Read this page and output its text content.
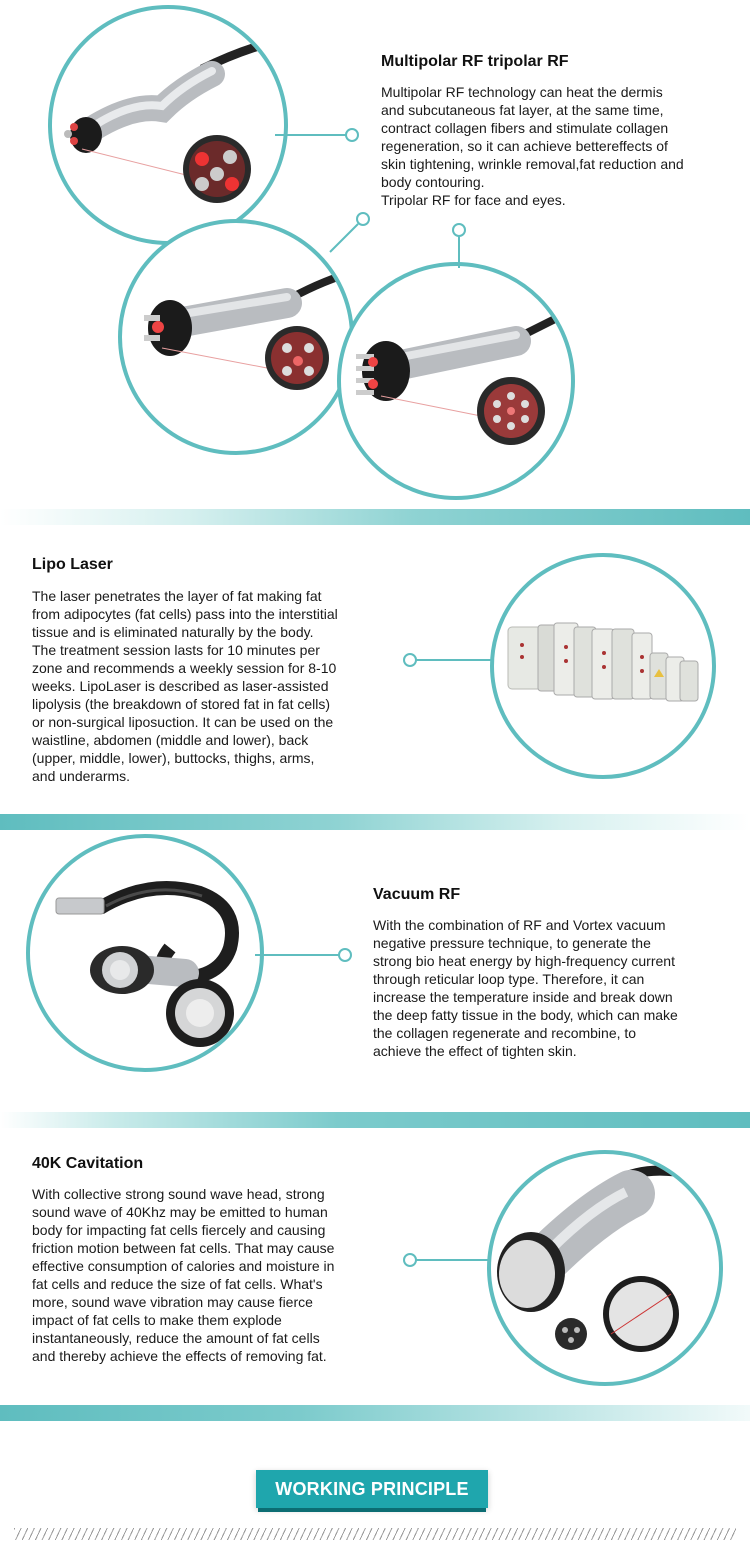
Multipolar RF tripolar RF
Multipolar RF technology can heat the dermis
and subcutaneous fat layer, at the same time,
contract collagen fibers and stimulate collagen
regeneration, so it can achieve bettereffects of
skin tightening, wrinkle removal,fat reduction and
body contouring.
Tripolar RF for face and eyes.
Lipo Laser
The laser penetrates the layer of fat making fat
from adipocytes (fat cells) pass into the interstitial
tissue and is eliminated naturally by the body.
The treatment session lasts for 10 minutes per
zone and recommends a weekly session for 8-10
weeks. LipoLaser is described as laser-assisted
lipolysis (the breakdown of stored fat in fat cells)
or non-surgical liposuction. It can be used on the
waistline, abdomen (middle and lower), back
(upper, middle, lower), buttocks, thighs, arms,
and underarms.
Vacuum RF
With the combination of RF and Vortex vacuum
negative pressure technique, to generate the
strong bio heat energy by high-frequency current
through reticular loop type. Therefore, it can
increase the temperature inside and break down
the deep fatty tissue in the body, which can make
the collagen regenerate and recombine, to
achieve the effect of tighten skin.
40K Cavitation
With collective strong sound wave head, strong
sound wave of 40Khz may be emitted to human
body for impacting fat cells fiercely and causing
friction motion between fat cells. That may cause
effective consumption of calories and moisture in
fat cells and reduce the size of fat cells. What's
more, sound wave vibration may cause fierce
impact of fat cells to make them explode
instantaneously, reduce the amount of fat cells
and thereby achieve the effects of removing fat.
WORKING PRINCIPLE
